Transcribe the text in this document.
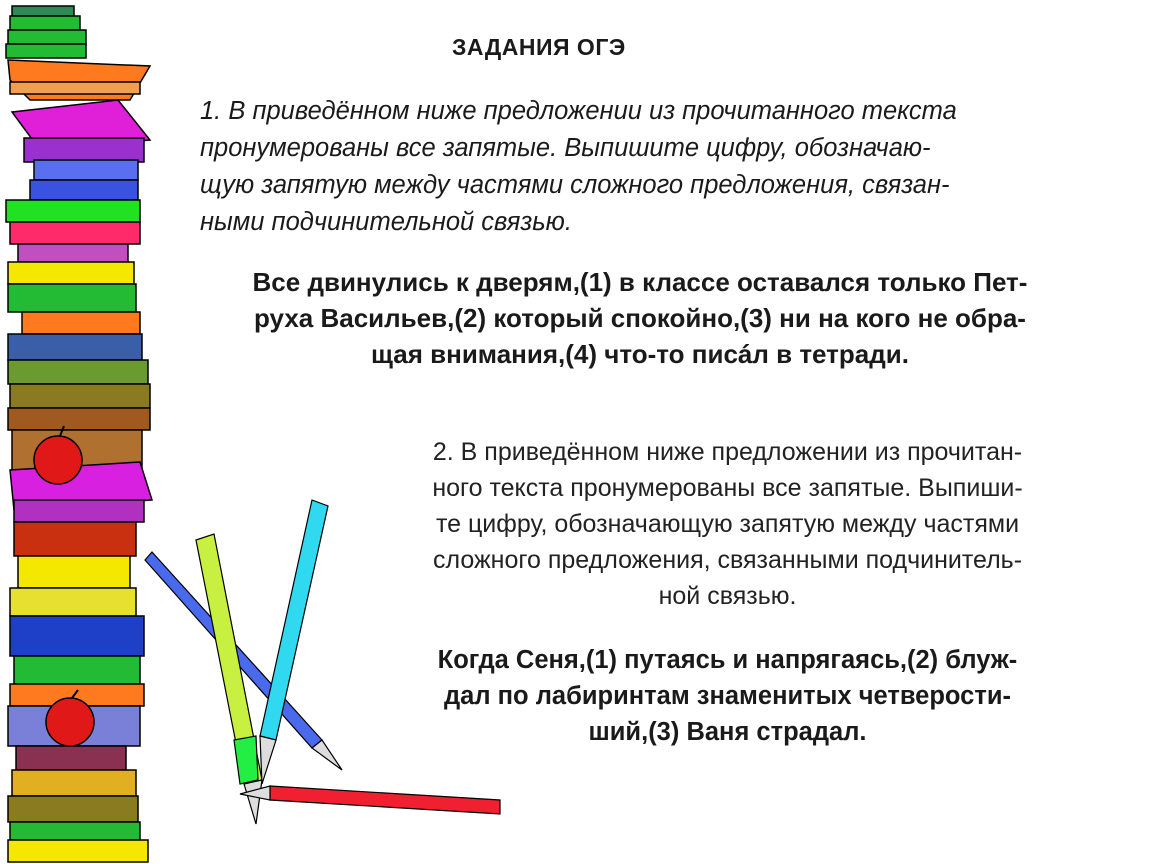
ЗАДАНИЯ ОГЭ

1. В приведённом ниже предложении из прочитанного текста

пронумерованы все запятые. Выпишите цифру, обозначаю-

щую запятую между частями сложного предложения, связан-

ными подчинительной связью.

Все двинулись к дверям,(1) в классе оставался только Пет-

руха Васильев,(2) который спокойно,(3) ни на кого не обра-

щая внимания,(4) что-то писáл в тетради.

2. В приведённом ниже предложении из прочитан-

ного текста пронумерованы все запятые. Выпиши-

те цифру, обозначающую запятую между частями

сложного предложения, связанными подчинитель-

ной связью.

Когда Сеня,(1) путаясь и напрягаясь,(2) блуж-

дал по лабиринтам знаменитых четверости-

ший,(3) Ваня страдал.
